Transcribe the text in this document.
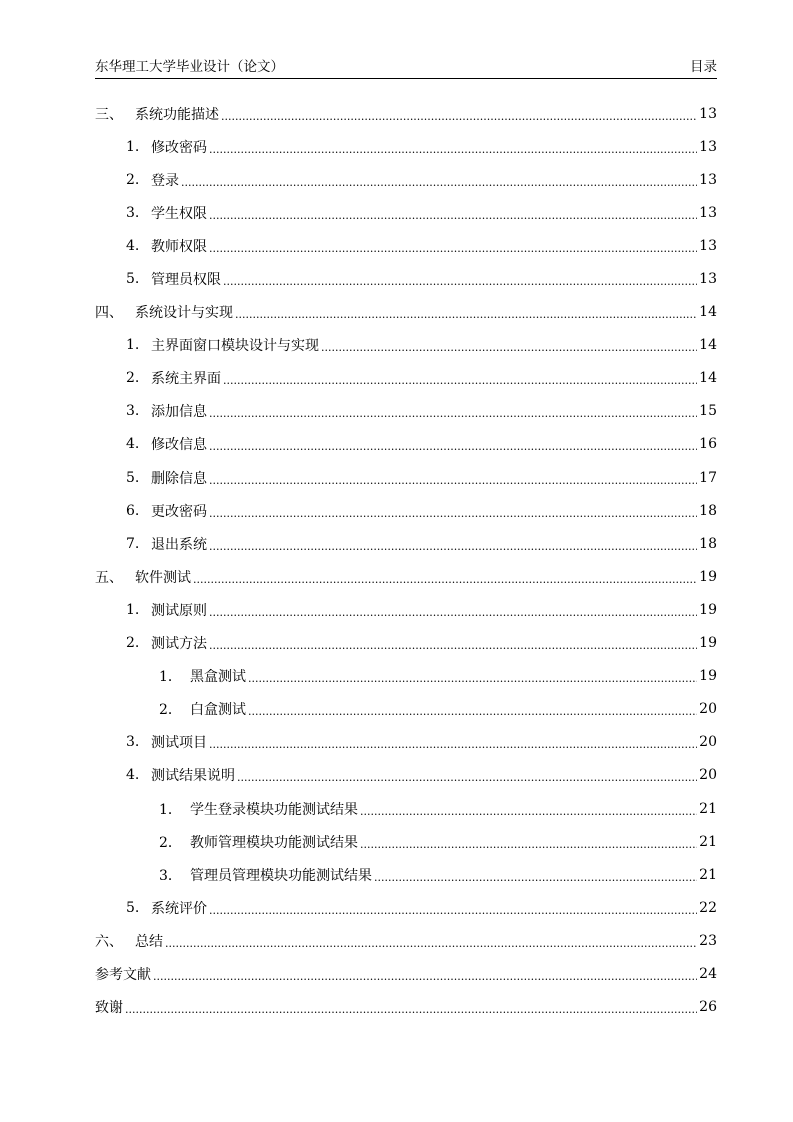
东华理工大学毕业设计（论文）	目录
三、 系统功能描述 .....	13
1. 修改密码 .....	13
2. 登录 .....	13
3. 学生权限 .....	13
4. 教师权限 .....	13
5. 管理员权限 .....	13
四、 系统设计与实现 .....	14
1. 主界面窗口模块设计与实现 .....	14
2. 系统主界面 .....	14
3. 添加信息 .....	15
4. 修改信息 .....	16
5. 删除信息 .....	17
6. 更改密码 .....	18
7. 退出系统 .....	18
五、 软件测试 .....	19
1. 测试原则 .....	19
2. 测试方法 .....	19
1． 黑盒测试 .....	19
2． 白盒测试 .....	20
3. 测试项目 .....	20
4. 测试结果说明 .....	20
1． 学生登录模块功能测试结果 .....	21
2． 教师管理模块功能测试结果 .....	21
3． 管理员管理模块功能测试结果 .....	21
5. 系统评价 .....	22
六、 总结 .....	23
参考文献 .....	24
致谢 .....	26
